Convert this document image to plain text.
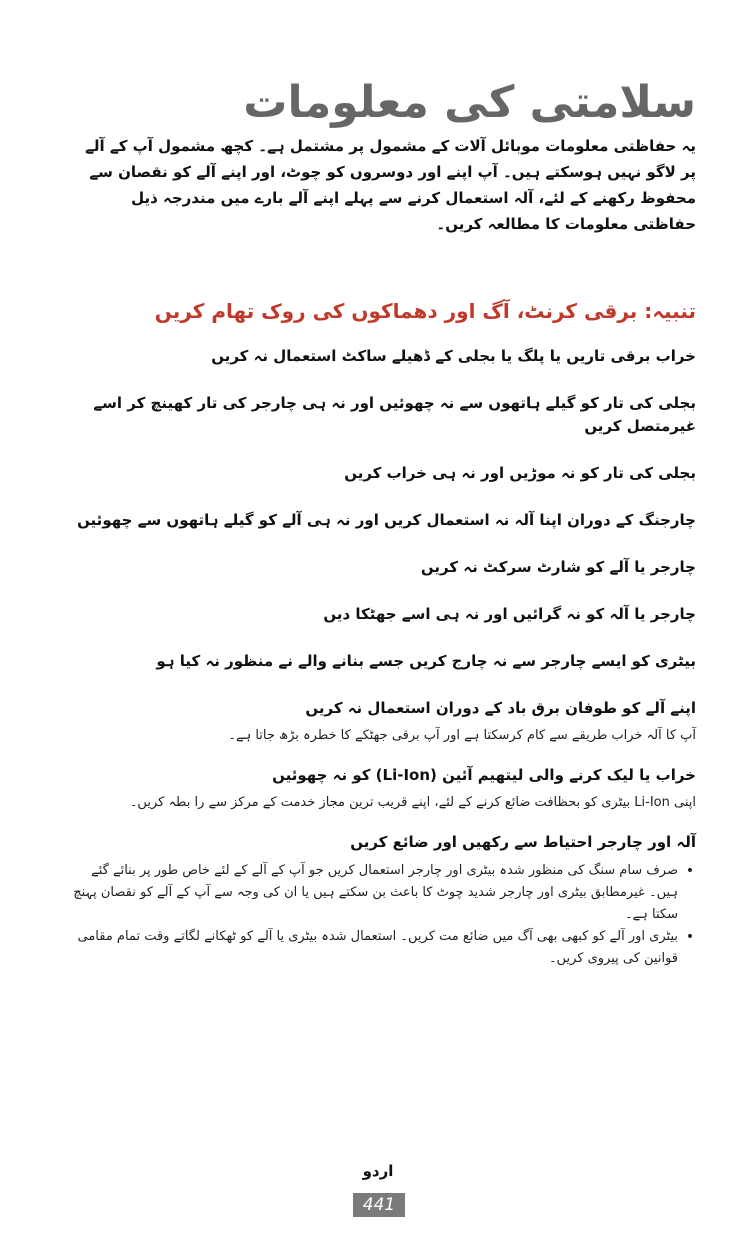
سلامتی کی معلومات

یہ حفاظتی معلومات موبائل آلات کے مشمول پر مشتمل ہے۔ کچھ مشمول آپ کے آلے پر لاگو نہیں ہوسکتے ہیں۔ آپ اپنے اور دوسروں کو چوٹ، اور اپنے آلے کو نقصان سے محفوظ رکھنے کے لئے، آلہ استعمال کرنے سے پہلے اپنے آلے بارے میں مندرجہ ذیل حفاظتی معلومات کا مطالعہ کریں۔

تنبیہ: برقی کرنٹ، آگ اور دھماکوں کی روک تھام کریں

خراب برقی تاریں یا پلگ یا بجلی کے ڈھیلے ساکٹ استعمال نہ کریں

بجلی کی تار کو گیلے ہاتھوں سے نہ چھوئیں اور نہ ہی چارجر کی تار کھینچ کر اسے غیرمتصل کریں

بجلی کی تار کو نہ موڑیں اور نہ ہی خراب کریں

چارجنگ کے دوران اپنا آلہ نہ استعمال کریں اور نہ ہی آلے کو گیلے ہاتھوں سے چھوئیں

چارجر یا آلے کو شارٹ سرکٹ نہ کریں

چارجر یا آلہ کو نہ گرائیں اور نہ ہی اسے جھٹکا دیں

بیٹری کو ایسے چارجر سے نہ چارج کریں جسے بنانے والے نے منظور نہ کیا ہو

اپنے آلے کو طوفان برق باد کے دوران استعمال نہ کریں

آپ کا آلہ خراب طریقے سے کام کرسکتا ہے اور آپ برقی جھٹکے کا خطرہ بڑھ جاتا ہے۔

خراب یا لیک کرنے والی لیتھیم آئین (Li-Ion) کو نہ چھوئیں

اپنی Li-Ion بیٹری کو بحظافت ضائع کرنے کے لئے، اپنے قریب ترین مجاز خدمت کے مرکز سے را بطہ کریں۔

آلہ اور چارجر احتیاط سے رکھیں اور ضائع کریں

•
صرف سام سنگ کی منظور شدہ بیٹری اور چارجر استعمال کریں جو آپ کے آلے کے لئے خاص طور پر بنائے گئے ہیں۔ غیرمطابق بیٹری اور چارجر شدید چوٹ کا باعث بن سکتے ہیں یا ان کی وجہ سے آپ کے آلے کو نقصان پہنچ سکتا ہے۔
•
بیٹری اور آلے کو کبھی بھی آگ میں ضائع مت کریں۔ استعمال شدہ بیٹری یا آلے کو ٹھکانے لگاتے وقت تمام مقامی قوانین کی پیروی کریں۔
اردو
441
